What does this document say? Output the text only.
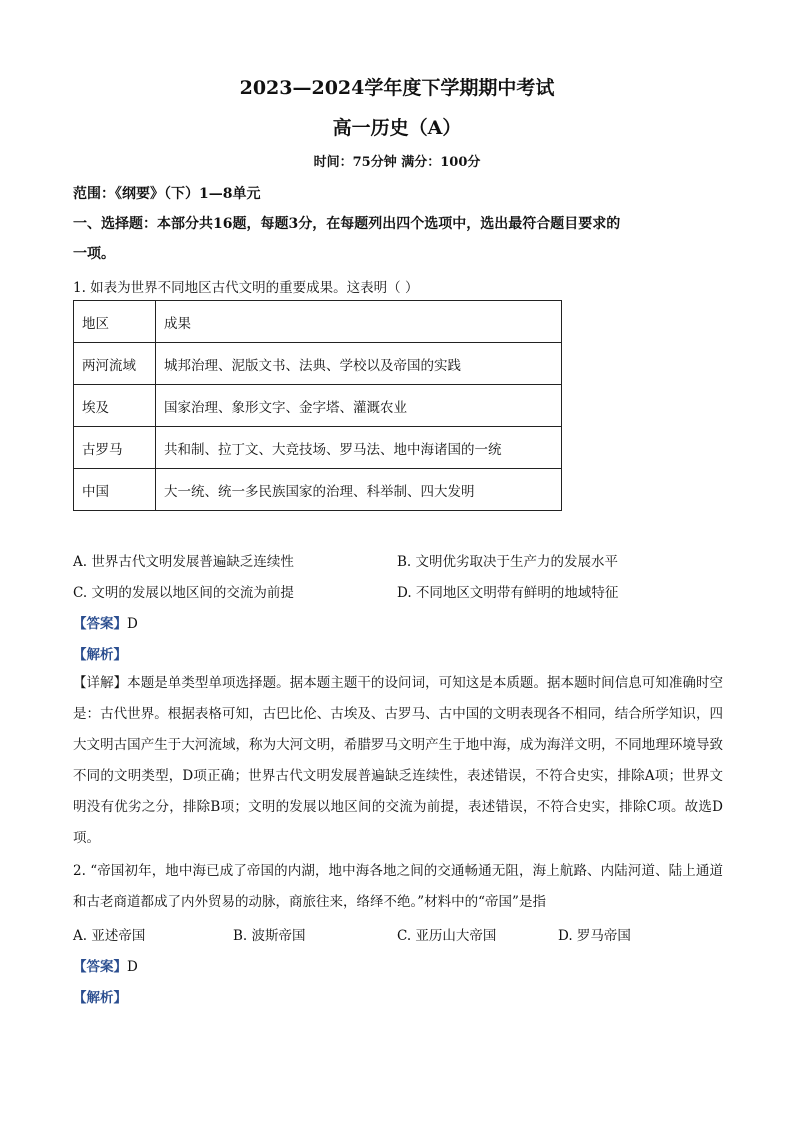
2023—2024学年度下学期期中考试
高一历史（A）
时间：75分钟 满分：100分
范围：《纲要》（下）1—8单元
一、选择题：本部分共16题，每题3分，在每题列出四个选项中，选出最符合题目要求的
一项。
1. 如表为世界不同地区古代文明的重要成果。这表明（ ）
地区	成果
两河流域	城邦治理、泥版文书、法典、学校以及帝国的实践
埃及	国家治理、象形文字、金字塔、灌溉农业
古罗马	共和制、拉丁文、大竞技场、罗马法、地中海诸国的一统
中国	大一统、统一多民族国家的治理、科举制、四大发明
A. 世界古代文明发展普遍缺乏连续性	B. 文明优劣取决于生产力的发展水平
C. 文明的发展以地区间的交流为前提	D. 不同地区文明带有鲜明的地域特征
【答案】D
【解析】
【详解】本题是单类型单项选择题。据本题主题干的设问词，可知这是本质题。据本题时间信息可知准确时空是：古代世界。根据表格可知，古巴比伦、古埃及、古罗马、古中国的文明表现各不相同，结合所学知识，四大文明古国产生于大河流域，称为大河文明，希腊罗马文明产生于地中海，成为海洋文明，不同地理环境导致不同的文明类型，D项正确；世界古代文明发展普遍缺乏连续性，表述错误，不符合史实，排除A项；世界文明没有优劣之分，排除B项；文明的发展以地区间的交流为前提，表述错误，不符合史实，排除C项。故选D项。
2. “帝国初年，地中海已成了帝国的内湖，地中海各地之间的交通畅通无阻，海上航路、内陆河道、陆上通道和古老商道都成了内外贸易的动脉，商旅往来，络绎不绝。”材料中的“帝国”是指
A. 亚述帝国	B. 波斯帝国	C. 亚历山大帝国	D. 罗马帝国
【答案】D
【解析】
